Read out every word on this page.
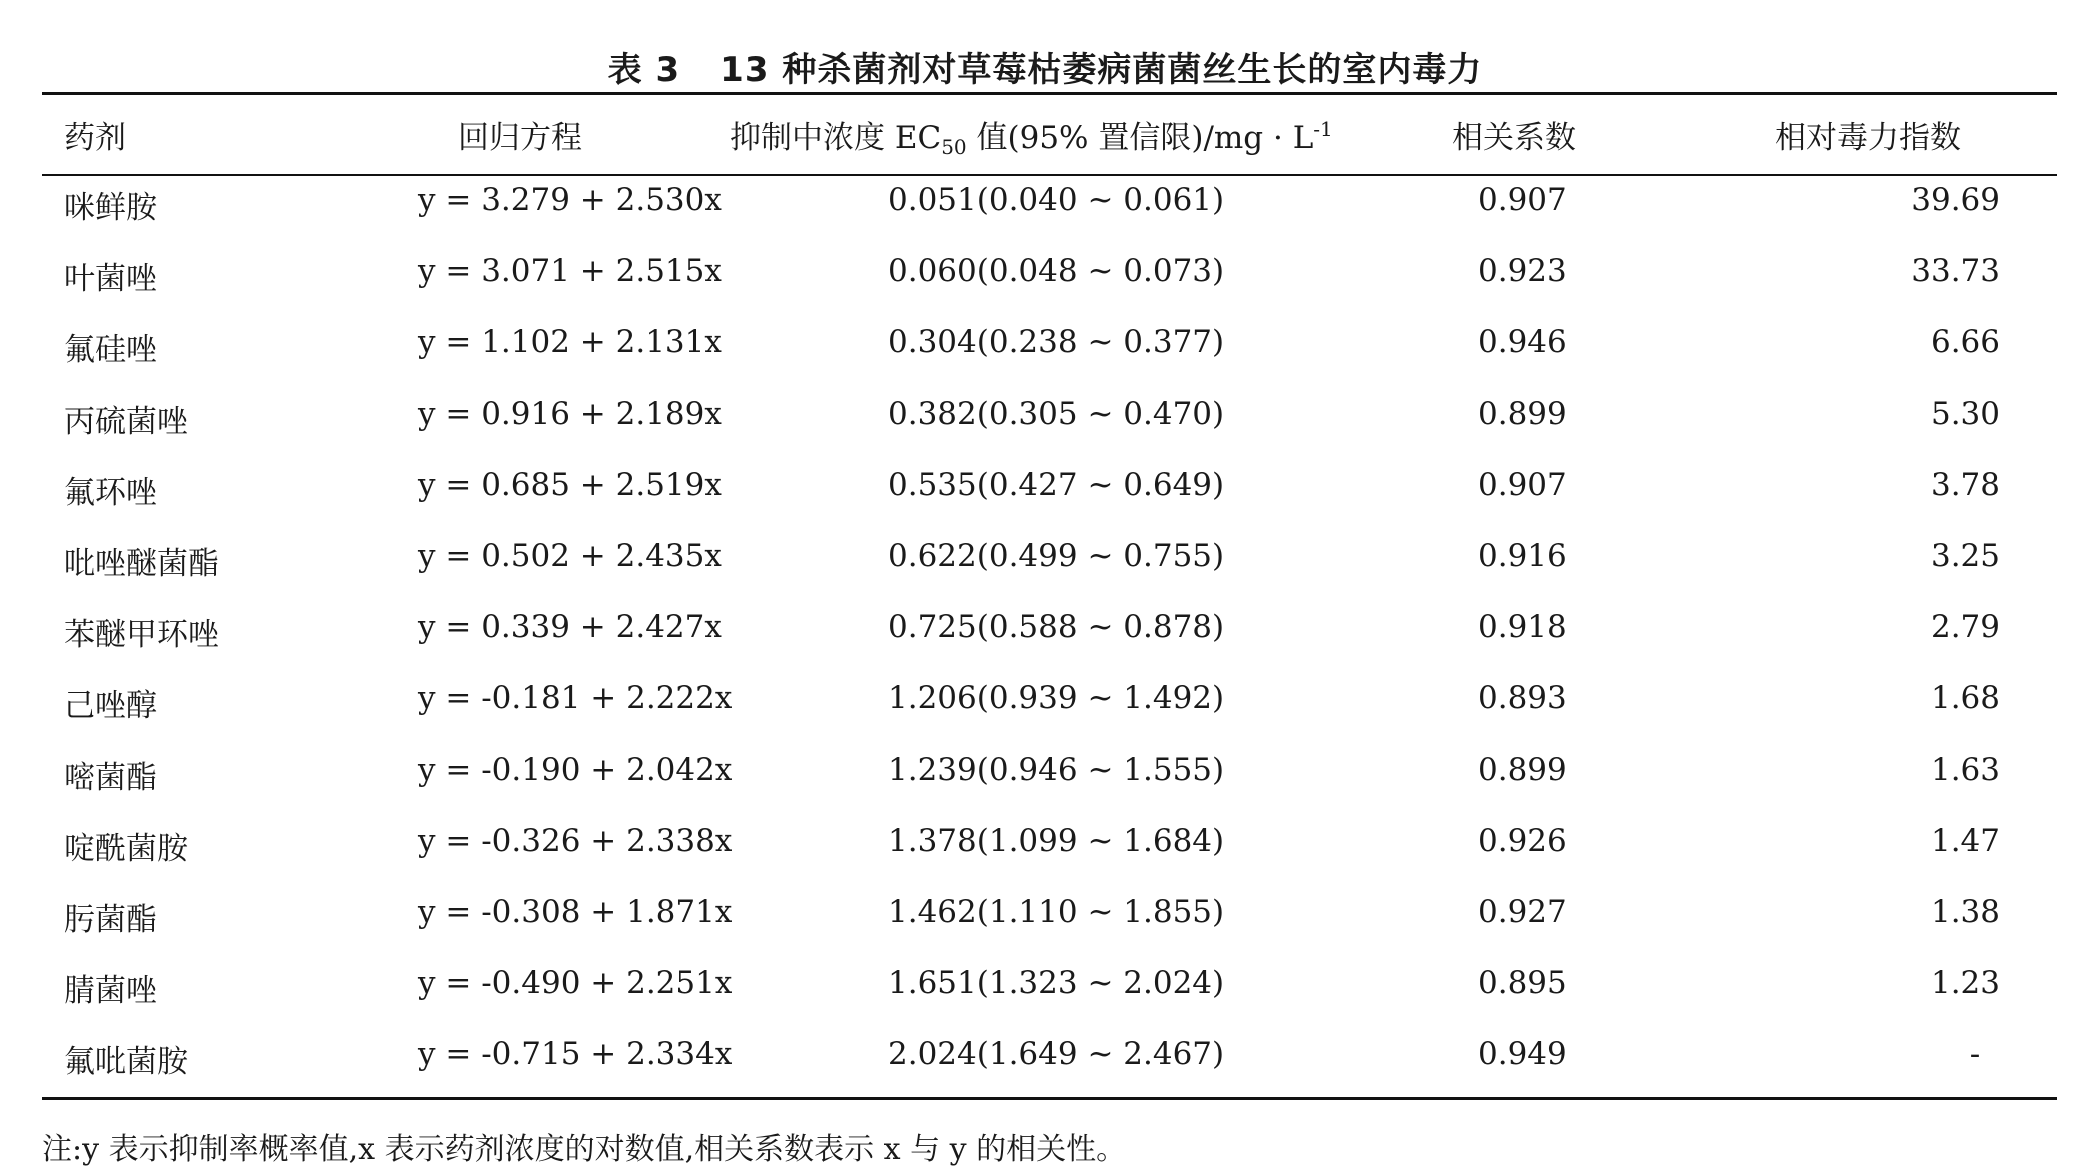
表 3 13 种杀菌剂对草莓枯萎病菌菌丝生长的室内毒力
药剂	回归方程	抑制中浓度 $EC_{50}$ 值(95% 置信限)$/mg \cdot L^{-1}$	相关系数	相对毒力指数
咪鲜胺	y = 3.279 + 2.530x	0.051(0.040 ~ 0.061)	0.907	39.69
叶菌唑	y = 3.071 + 2.515x	0.060(0.048 ~ 0.073)	0.923	33.73
氟硅唑	y = 1.102 + 2.131x	0.304(0.238 ~ 0.377)	0.946	6.66
丙硫菌唑	y = 0.916 + 2.189x	0.382(0.305 ~ 0.470)	0.899	5.30
氟环唑	y = 0.685 + 2.519x	0.535(0.427 ~ 0.649)	0.907	3.78
吡唑醚菌酯	y = 0.502 + 2.435x	0.622(0.499 ~ 0.755)	0.916	3.25
苯醚甲环唑	y = 0.339 + 2.427x	0.725(0.588 ~ 0.878)	0.918	2.79
己唑醇	y = -0.181 + 2.222x	1.206(0.939 ~ 1.492)	0.893	1.68
嘧菌酯	y = -0.190 + 2.042x	1.239(0.946 ~ 1.555)	0.899	1.63
啶酰菌胺	y = -0.326 + 2.338x	1.378(1.099 ~ 1.684)	0.926	1.47
肟菌酯	y = -0.308 + 1.871x	1.462(1.110 ~ 1.855)	0.927	1.38
腈菌唑	y = -0.490 + 2.251x	1.651(1.323 ~ 2.024)	0.895	1.23
氟吡菌胺	y = -0.715 + 2.334x	2.024(1.649 ~ 2.467)	0.949	-
注:y 表示抑制率概率值,x 表示药剂浓度的对数值,相关系数表示 x 与 y 的相关性。
